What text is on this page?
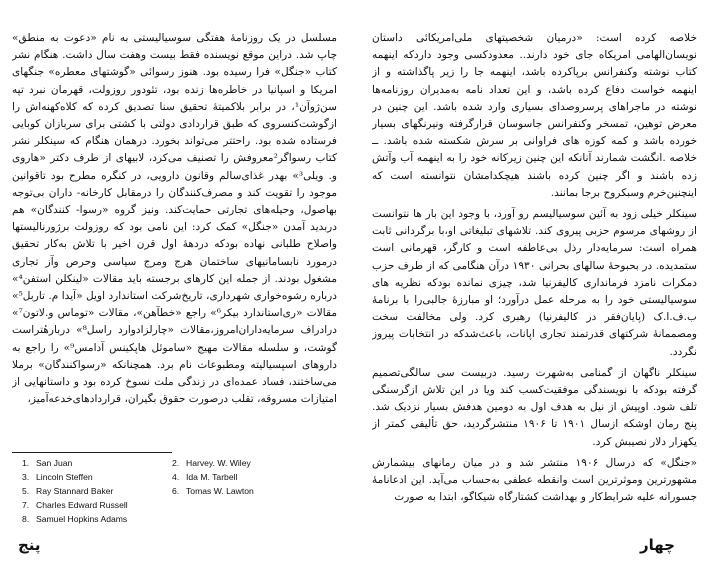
مسلسل در یک روزنامهٔ هفتگی سوسیالیستی به نام «دعوت به منطق» چاپ شد. دراین موقع نویسنده فقط بیست وهفت سال داشت. هنگام نشر کتاب «جنگل» فرا رسیده بود. هنوز رسوائی «گوشتهای معطره» جنگهای امریکا و اسپانیا در خاطره‌ها زنده بود، تئودور روزولت، قهرمان نبرد تپه سن‌ژوآن¹، در برابر بلاکمیتهٔ تحقیق سنا تصدیق کرده که کلاه‌کهنه‌اش را ازگوشت‌کنسروی که طبق قراردادی دولتی با کشتی برای سربازان کوبایی فرستاده شده بود. راحتتر می‌تواند بخورد. درهمان هنگام که سینکلر نشر کتاب رسواگر²معروفش را تصنیف می‌کرد، لابیهای از طرف دکتر «هاروی و. ویلی³» بهدر غذای‌سالم وقانون دارویی، در کنگره مطرح بود تاقوانین موجود را تقویت کند و مصرف‌کنندگان را درمقابل کارخانه- داران بی‌توجه بهاصول، وحیله‌های تجارتی حمایت‌کند. ونیز گروه «رسوا- کنندگان» هم دربدید آمدن «جنگل» کمک کرد: این نامی بود که روزولت برژورنالیستها واصلاح طلبانی نهاده بودکه دردههٔ اول قرن اخیر با تلاش به‌کار تحقیق درمورد نابسامانیهای ساختمان هرج ومرج سیاسی وحرص وآز تجاری مشغول بودند. از جمله این کارهای برجسته باید مقالات «لینکلن استفن⁴» درباره رشوه‌خواری شهرداری، تاریخ‌شرکت استاندارد اویل «آیدا م. تاربل⁵» مقالات «ری‌استاندارد بیکر⁶» راجع «خطآهن»، مقالات «توماس و.لاتون⁷» درادراف سرمایه‌داران‌امروز،مقالات «چارلزادوارد راسل⁸» دربارهٔتراست گوشت، و سلسله مقالات مهیج «ساموئل هاپکینس آدامس⁹» را راجع به داروهای اسپسیالیته ومطبوعات نام برد. همچنانکه «رسواکنندگان» برملا می‌ساختند، فساد عمده‌ای در زندگی ملت نسوخ کرده بود و داستانهایی از امتیازات مسروقه، تقلب درصورت حقوق بگیران، قراردادهای‌خدعه‌آمیز،

خلاصه کرده است: «درمیان شخصیتهای ملی‌امریکائی داستان نویسان‌الهامی امریکاه جای خود دارند.. معدودکسی وجود داردکه اینهمه کتاب نوشته وکنفرانس برپاکرده باشد، اینهمه جا را زیر پاگذاشته و از اینهمه خواست دفاع کرده باشد، و این تعداد نامه به‌مدیران روزنامه‌ها نوشته در ماجراهای پرسروصدای بسیاری وارد شده باشد. این چنین در معرض توهین، تمسخر وکنفرانس جاسوسان قرارگرفته ونیرنگهای بسیار خورده باشد و کمه کوزه های فراوانی بر سرش شکسته شده باشد. ــ خلاصه .انگشت شمارند آنانکه این چنین زیرکانه خود را به اینهمه آب وآتش زده باشند و اگر چنین کرده باشند هیچکدامشان نتوانسته است که اینچنین‌خرم وسبکروح برجا بمانند.

سینکلر خیلی زود به آئین سوسیالیسم رو آورد، با وجود این بار ها نتوانست از روشهای مرسوم حزبی پیروی کند. تلاشهای تبلیغاتی او،با برگردانی ثابت همراه است: سرمایه‌دار رذل بی‌عاطفه است و کارگر، قهرمانی است ستمدیده. در بحبوحهٔ سالهای بحرانی ۱۹۳۰ درآن هنگامی که از طرف حزب دمکرات نامزد فرمانداری کالیفرنیا شد، چیزی نمانده بودکه نظریه های سوسیالیستی خود را به مرحله عمل درآورد؛ او مبارزهٔ جالبی‌را با برنامهٔ ب.ف.ا.ک (پایان‌فقر در کالیفرنیا) رهبری کرد. ولی مخالفت سخت ومصممانهٔ شرکتهای قدرتمند تجاری اپانات، باعث‌شدکه در انتخابات پیروز نگردد.

سینکلر ناگهان از گمنامی به‌شهرت رسید. دربیست سی سالگی‌تصمیم گرفته بودکه با نویسندگی موفقیت‌کسب کند ویا در این تلاش ازگرسنگی تلف شود. اوپیش از نیل به هدف اول به دومین هدفش بسیار نزدیک شد. پنج رمان اوشکه ازسال ۱۹۰۱ تا ۱۹۰۶ منتشرگردید، حق تألیفی کمتر از یکهزار دلار نصیبش کرد.

«جنگل» که درسال ۱۹۰۶ منتشر شد و در میان رمانهای بیشمارش مشهورترین وموثرترین است وانقطه عطفی به‌حساب می‌آید. این ادعانامهٔ جسورانه علیه شرایط‌کار و بهداشت کشتارگاه شیکاگو، ابتدا به صورت

1. San Juan
3. Lincoln Steffen
5. Ray Stannard Baker
7. Charles Edward Russell
8. Samuel Hopkins Adams
2. Harvey. W. Wiley
4. Ida M. Tarbell
6. Tomas W. Lawton
پنج	چهار
